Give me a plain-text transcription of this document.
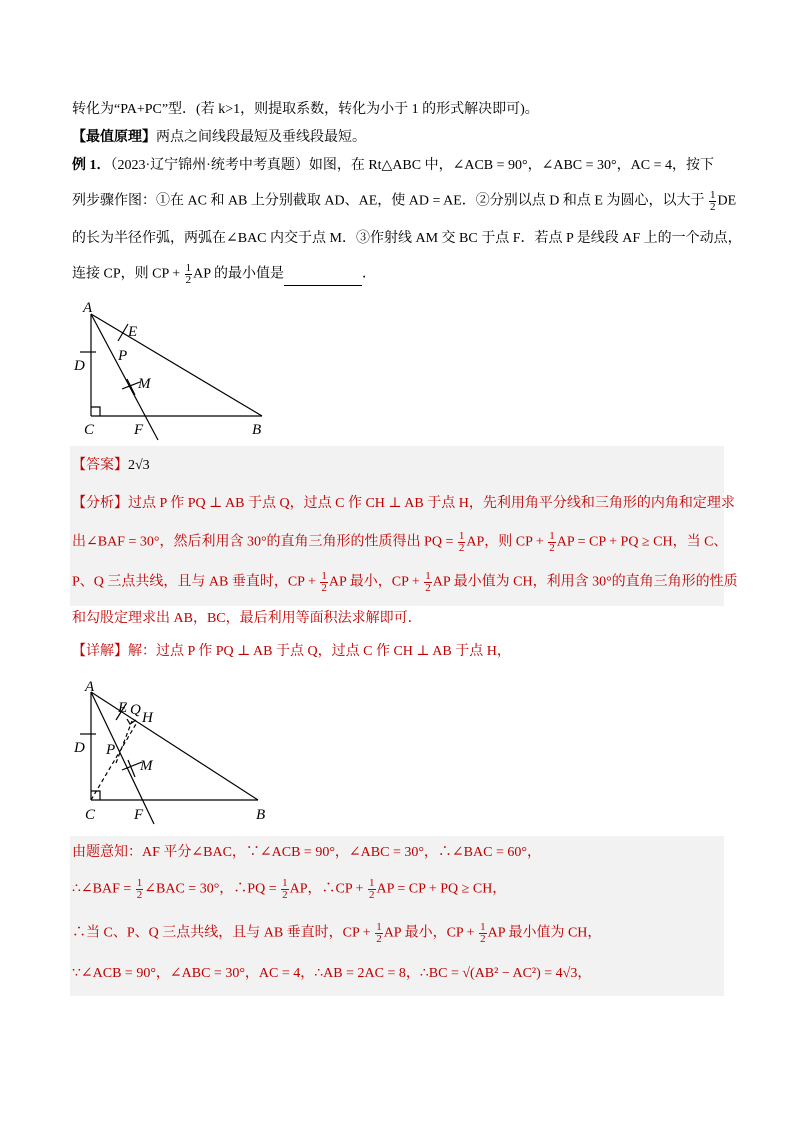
转化为“PA+PC”型．(若 k>1，则提取系数，转化为小于 1 的形式解决即可)。
【最值原理】两点之间线段最短及垂线段最短。
例 1．（2023·辽宁锦州·统考中考真题）如图，在 Rt△ABC 中，∠ACB = 90°，∠ABC = 30°，AC = 4，按下
列步骤作图：①在 AC 和 AB 上分别截取 AD、AE，使 AD = AE．②分别以点 D 和点 E 为圆心，以大于 $\frac{1}{2}$ DE
的长为半径作弧，两弧在∠BAC 内交于点 M．③作射线 AM 交 BC 于点 F．若点 P 是线段 AF 上的一个动点，
连接 CP，则 CP + $\frac{1}{2}$ AP 的最小值是	．
A
E
D
P
M
C	F	B
【答案】2√3
【分析】过点 P 作 PQ ⊥ AB 于点 Q，过点 C 作 CH ⊥ AB 于点 H，先利用角平分线和三角形的内角和定理求
出∠BAF = 30°，然后利用含 30°的直角三角形的性质得出 PQ = $\frac{1}{2}$ AP，则 CP + $\frac{1}{2}$ AP = CP + PQ ≥ CH，当 C、
P、Q 三点共线，且与 AB 垂直时，CP + $\frac{1}{2}$ AP 最小，CP + $\frac{1}{2}$ AP 最小值为 CH，利用含 30°的直角三角形的性质
和勾股定理求出 AB，BC，最后利用等面积法求解即可．
【详解】解：过点 P 作 PQ ⊥ AB 于点 Q，过点 C 作 CH ⊥ AB 于点 H，
A
E Q H
D P
M
C	F	B
由题意知：AF 平分∠BAC，∵∠ACB = 90°，∠ABC = 30°，∴∠BAC = 60°，
∴∠BAF = $\frac{1}{2}$ ∠BAC = 30°，∴PQ = $\frac{1}{2}$ AP，∴CP + $\frac{1}{2}$ AP = CP + PQ ≥ CH，
∴当 C、P、Q 三点共线，且与 AB 垂直时，CP + $\frac{1}{2}$ AP 最小，CP + $\frac{1}{2}$ AP 最小值为 CH，
∵∠ACB = 90°，∠ABC = 30°，AC = 4，∴AB = 2AC = 8，∴BC = √(AB² − AC²) = 4√3，
